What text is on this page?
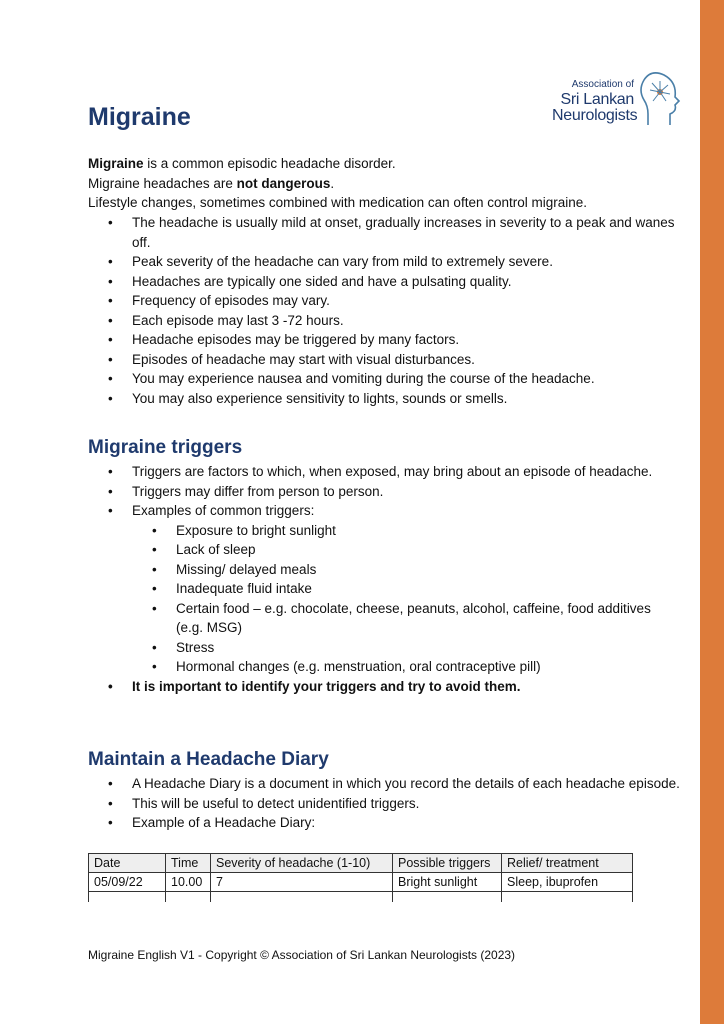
Association of
Sri Lankan
Neurologists
Migraine
Migraine is a common episodic headache disorder.
Migraine headaches are not dangerous.
Lifestyle changes, sometimes combined with medication can often control migraine.
• The headache is usually mild at onset, gradually increases in severity to a peak and wanes off.
• Peak severity of the headache can vary from mild to extremely severe.
• Headaches are typically one sided and have a pulsating quality.
• Frequency of episodes may vary.
• Each episode may last 3 -72 hours.
• Headache episodes may be triggered by many factors.
• Episodes of headache may start with visual disturbances.
• You may experience nausea and vomiting during the course of the headache.
• You may also experience sensitivity to lights, sounds or smells.
Migraine triggers
• Triggers are factors to which, when exposed, may bring about an episode of headache.
• Triggers may differ from person to person.
• Examples of common triggers:
• Exposure to bright sunlight
• Lack of sleep
• Missing/ delayed meals
• Inadequate fluid intake
• Certain food – e.g. chocolate, cheese, peanuts, alcohol, caffeine, food additives (e.g. MSG)
• Stress
• Hormonal changes (e.g. menstruation, oral contraceptive pill)
• It is important to identify your triggers and try to avoid them.
Maintain a Headache Diary
• A Headache Diary is a document in which you record the details of each headache episode.
• This will be useful to detect unidentified triggers.
• Example of a Headache Diary:
Date	Time	Severity of headache (1-10)	Possible triggers	Relief/ treatment
05/09/22	10.00	7	Bright sunlight	Sleep, ibuprofen

Migraine English V1 - Copyright © Association of Sri Lankan Neurologists (2023)
